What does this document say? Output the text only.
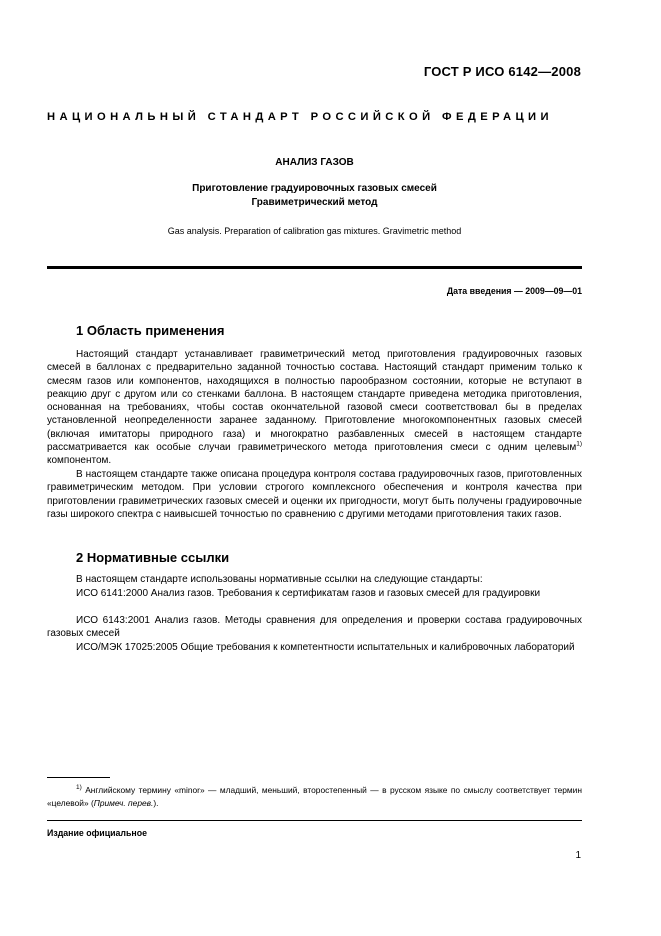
ГОСТ Р ИСО 6142—2008
НАЦИОНАЛЬНЫЙ СТАНДАРТ РОССИЙСКОЙ ФЕДЕРАЦИИ
АНАЛИЗ ГАЗОВ
Приготовление градуировочных газовых смесей
Гравиметрический метод
Gas analysis. Preparation of calibration gas mixtures. Gravimetric method
Дата введения — 2009—09—01
1 Область применения

Настоящий стандарт устанавливает гравиметрический метод приготовления градуировочных газовых смесей в баллонах с предварительно заданной точностью состава. Настоящий стандарт применим только к смесям газов или компонентов, находящихся в полностью парообразном состоянии, которые не вступают в реакцию друг с другом или со стенками баллона. В настоящем стандарте приведена методика приготовления, основанная на требованиях, чтобы состав окончательной газовой смеси соответствовал бы в пределах установленной неопределенности заранее заданному. Приготовление многокомпонентных газовых смесей (включая имитаторы природного газа) и многократно разбавленных смесей в настоящем стандарте рассматривается как особые случаи гравиметрического метода приготовления смеси с одним целевым$^{1)}$ компонентом.

В настоящем стандарте также описана процедура контроля состава градуировочных газов, приготовленных гравиметрическим методом. При условии строгого комплексного обеспечения и контроля качества при приготовлении гравиметрических газовых смесей и оценки их пригодности, могут быть получены градуировочные газы широкого спектра с наивысшей точностью по сравнению с другими методами приготовления таких газов.

2 Нормативные ссылки

В настоящем стандарте использованы нормативные ссылки на следующие стандарты:

ИСО 6141:2000 Анализ газов. Требования к сертификатам газов и газовых смесей для градуировки

ИСО 6143:2001 Анализ газов. Методы сравнения для определения и проверки состава градуировочных газовых смесей

ИСО/МЭК 17025:2005 Общие требования к компетентности испытательных и калибровочных лабораторий

$^{1)}$ Английскому термину «minor» — младший, меньший, второстепенный — в русском языке по смыслу соответствует термин «целевой» (Примеч. перев.).

Издание официальное
1
